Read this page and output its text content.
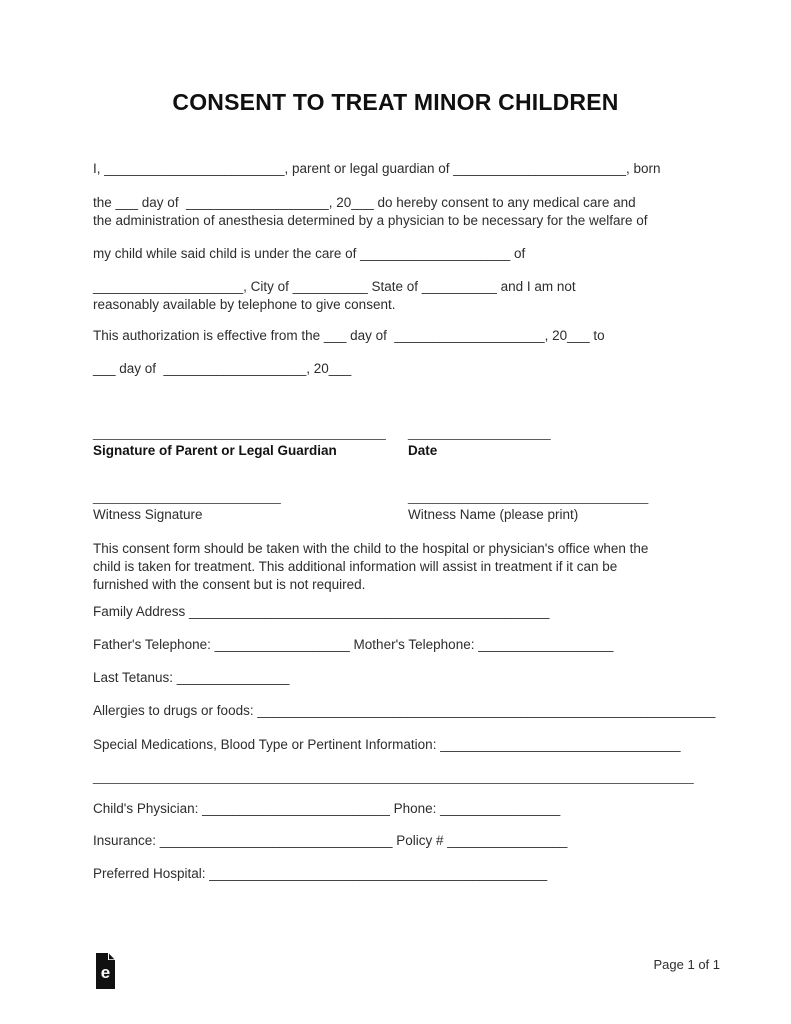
CONSENT TO TREAT MINOR CHILDREN
I, ________________________, parent or legal guardian of _______________________, born
the ___ day of  ___________________, 20___ do hereby consent to any medical care and
the administration of anesthesia determined by a physician to be necessary for the welfare of
my child while said child is under the care of ____________________ of
____________________, City of __________ State of __________ and I am not
reasonably available by telephone to give consent.
This authorization is effective from the ___ day of  ____________________, 20___ to
___ day of  ___________________, 20___
_______________________________________ ___________________
Signature of Parent or Legal Guardian	Date
_________________________	________________________________
Witness Signature	Witness Name (please print)
This consent form should be taken with the child to the hospital or physician's office when the
child is taken for treatment. This additional information will assist in treatment if it can be
furnished with the consent but is not required.
Family Address ________________________________________________
Father's Telephone: __________________ Mother's Telephone: __________________
Last Tetanus: _______________
Allergies to drugs or foods: _____________________________________________________________
Special Medications, Blood Type or Pertinent Information: ________________________________
________________________________________________________________________________
Child's Physician: _________________________ Phone: ________________
Insurance: _______________________________ Policy # ________________
Preferred Hospital: _____________________________________________
e	Page 1 of 1
